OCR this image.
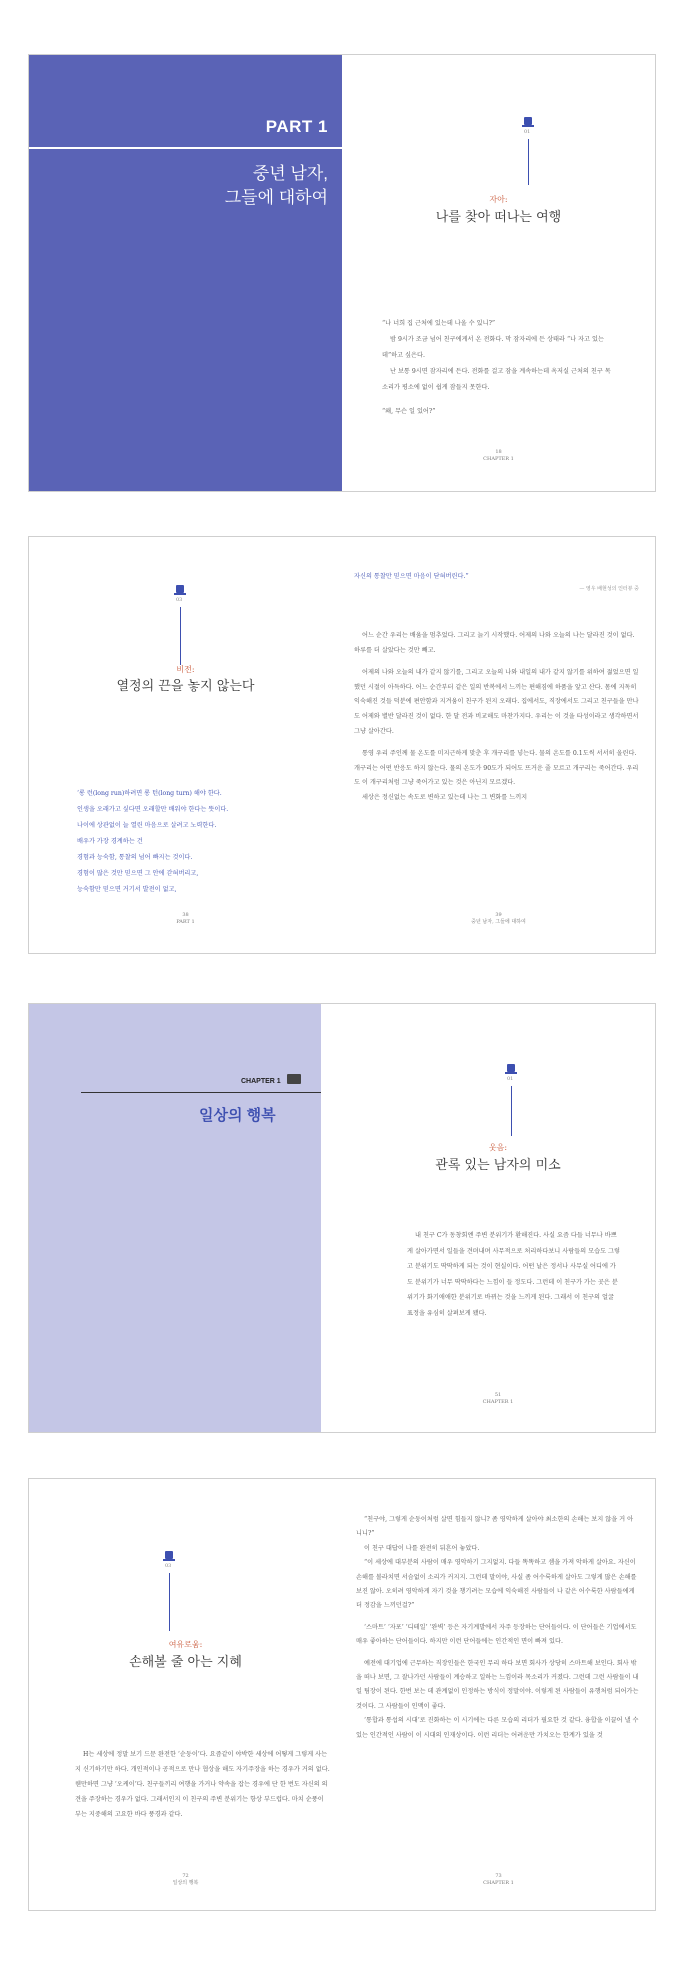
PART 1
중년 남자,
그들에 대하여
01
자아:
나를 찾아 떠나는 여행
“나 너희 집 근처에 있는데 나올 수 있니?”
밤 9시가 조금 넘어 친구에게서 온 전화다. 막 잠자리에 든 상태라 “나 자고 있는데”하고 싶은다.
난 보통 9시면 잠자리에 든다. 전화를 걸고 잠을 계속하는데 옥저실 근처의 친구 목소리가 평소에 없이 쉽게 잠들지 못한다.
“왜, 무슨 일 있어?”
18
CHAPTER 1
03
비전:
열정의 끈을 놓지 않는다
‘롱 런(long run)하려면 롱 턴(long turn) 해야 한다.
인생을 오래가고 싶다면 오래할만 배워야 한다는 뜻이다.
나이에 상관없이 늘 열린 마음으로 살려고 노력한다.
배우가 가장 경계하는 건
경험과 능숙함, 통찰의 넘어 빠지는 것이다.
경험이 많은 것만 믿으면 그 안에 갇혀버리고,
능숙함만 믿으면 거기서 발전이 없고,
38
PART 1
자신의 통찰만 믿으면 마음이 닫혀버린다.”
— 영우 배현성의 인터뷰 중
어느 순간 우리는 배움을 멈추었다. 그리고 늙기 시작했다. 어제의 나와 오늘의 나는 달라진 것이 없다. 하루를 더 살았다는 것만 빼고.
어제의 나와 오늘의 내가 같지 않기를, 그리고 오늘의 나와 내일의 내가 같지 않기를 위하여 젊었으면 일했던 시절이 아득하다. 어느 순간부터 같은 일의 반복에서 느끼는 편해짐에 하품을 앞고 산다. 몸에 지독히 익숙해진 것들 덕분에 편안함과 지겨움이 친구가 된지 오래다. 집에서도, 직장에서도 그리고 친구들을 만나도 어제와 별반 달라진 것이 없다. 한 달 전과 비교해도 마찬가지다. 우리는 이 것을 타성이라고 생각하면서 그냥 살아간다.
통영 우리 주인께 물 온도를 미지근하게 맞춘 후 개구리를 넣는다. 물의 온도를 0.1도씩 서서히 올린다. 개구리는 어떤 반응도 하지 않는다. 물의 온도가 90도가 되어도 뜨거운 줄 모르고 개구리는 죽어간다. 우리도 이 개구리처럼 그냥 죽어가고 있는 것은 아닌지 모르겠다.
세상은 정신없는 속도로 변하고 있는데 나는 그 변화를 느끼지
39
중년 남자, 그들에 대하여
CHAPTER 1
일상의 행복
01
웃음:
관록 있는 남자의 미소
내 친구 C가 동창회엔 주변 분위기가 환해진다. 사실 요즘 다들 너무나 바쁘게 살아가면서 일들을 견뎌내며 사무적으로 처리하다보니 사람들의 모습도 그렇고 분위기도 딱딱하게 되는 것이 현실이다. 어떤 날은 정서나 사무실 어디에 가도 분위기가 너무 딱딱하다는 느낌이 들 정도다. 그런데 이 친구가 가는 곳은 분위기가 화기애애한 분위기로 바뀌는 것을 느끼게 된다. 그래서 이 친구의 얼굴 표정을 유심히 살펴보게 됐다.
51
CHAPTER 1
03
여유로움:
손해볼 줄 아는 지혜
H는 세상에 정말 보기 드문 완전한 ‘순둥이’다. 요즘같이 야박한 세상에 어떻게 그렇게 사는지 신기하기만 하다. 개인적이나 공적으로 만나 협상을 해도 자기주장을 하는 경우가 거의 없다. 웬만하면 그냥 ‘오케이’다. 친구들끼리 여행을 가거나 약속을 잡는 경우에 단 한 번도 자신의 의견을 주장하는 경우가 없다. 그래서인지 이 친구의 주변 분위기는 항상 부드럽다. 마치 순풍이 부는 지중해의 고요한 바다 풍경과 같다.
72
일상의 행복
“친구야, 그렇게 순둥이처럼 살면 힘들지 않니? 좀 영악하게 살아야 최소한의 손해는 보지 않을 거 아니니?”
이 친구 대답이 나를 완전히 뒤흔어 놓았다.
“이 세상에 대부분의 사람이 매우 영악하기 그지없지. 다들 똑똑하고 셈을 가져 악하게 살아요. 자신이 손해를 볼라치면 서슴없이 소리가 커지지. 그런데 말이야, 사실 좀 어수룩하게 살아도 그렇게 많은 손해를 보진 않아. 오히려 영악하게 자기 것을 챙기려는 모습에 익숙해진 사람들이 나 같은 어수룩한 사람들에게 더 정감을 느끼던걸?”
‘스마트’ ‘자포’ ‘디테일’ ‘완벽’ 등은 자기계발에서 자주 등장하는 단어들이다. 이 단어들은 기업에서도 매우 좋아하는 단어들이다. 하지만 이런 단어들에는 인간적인 면이 빠져 있다.
예전에 대기업에 근무하는 직장인들은 한국인 무리 하다 보면 회사가 상당히 스마트해 보인다. 회사 밖을 떠나 보면, 그 잘나가던 사람들이 계승하고 일하는 느낌이라 목소리가 커졌다. 그런데 그런 사람들이 내일 팀장이 된다. 한번 보는 데 관계없이 인정하는 방식이 정말이야. 이렇게 된 사람들이 유행처럼 되어가는 것이다. 그 사람들이 인맥이 좋다.
‘통합과 통섭의 시대’로 진화하는 이 시기에는 다른 모습의 리더가 필요한 것 같다. 융합을 이끌어 낼 수 있는 인간적인 사람이 이 시대의 인재상이다. 이런 리더는 어려운만 가치오는 한계가 있을 것
73
CHAPTER 1
